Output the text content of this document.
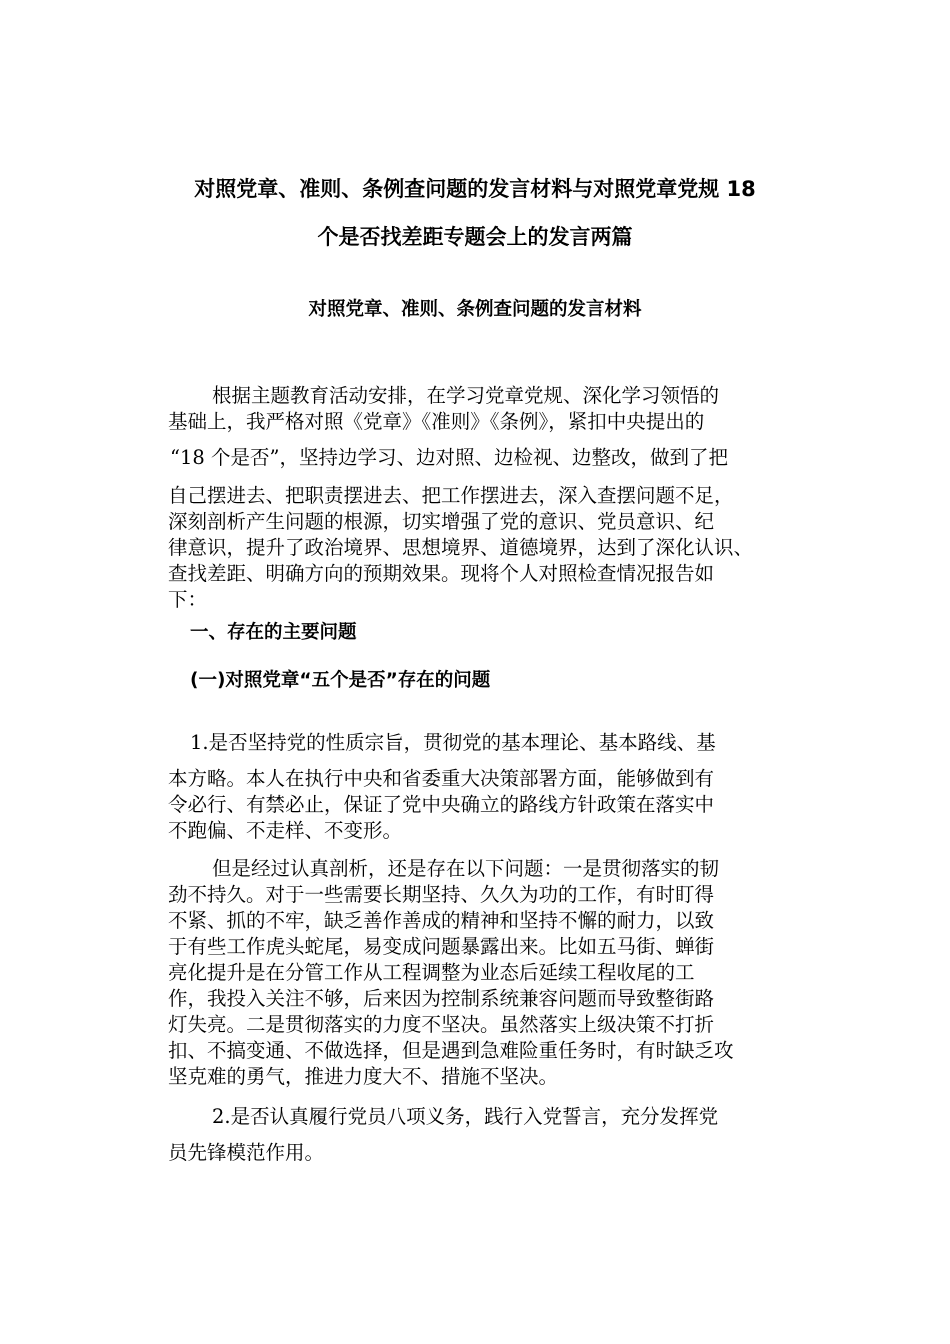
对照党章、准则、条例查问题的发言材料与对照党章党规 18
个是否找差距专题会上的发言两篇
对照党章、准则、条例查问题的发言材料
根据主题教育活动安排，在学习党章党规、深化学习领悟的
基础上，我严格对照《党章》《准则》《条例》，紧扣中央提出的
“18 个是否”，坚持边学习、边对照、边检视、边整改，做到了把
自己摆进去、把职责摆进去、把工作摆进去，深入查摆问题不足，
深刻剖析产生问题的根源，切实增强了党的意识、党员意识、纪
律意识，提升了政治境界、思想境界、道德境界，达到了深化认识、
查找差距、明确方向的预期效果。现将个人对照检查情况报告如
下：
一、存在的主要问题
(一)对照党章“五个是否”存在的问题
1.是否坚持党的性质宗旨，贯彻党的基本理论、基本路线、基
本方略。本人在执行中央和省委重大决策部署方面，能够做到有
令必行、有禁必止，保证了党中央确立的路线方针政策在落实中
不跑偏、不走样、不变形。
但是经过认真剖析，还是存在以下问题：一是贯彻落实的韧
劲不持久。对于一些需要长期坚持、久久为功的工作，有时盯得
不紧、抓的不牢，缺乏善作善成的精神和坚持不懈的耐力，以致
于有些工作虎头蛇尾，易变成问题暴露出来。比如五马街、蝉街
亮化提升是在分管工作从工程调整为业态后延续工程收尾的工
作，我投入关注不够，后来因为控制系统兼容问题而导致整街路
灯失亮。二是贯彻落实的力度不坚决。虽然落实上级决策不打折
扣、不搞变通、不做选择，但是遇到急难险重任务时，有时缺乏攻
坚克难的勇气，推进力度大不、措施不坚决。
2.是否认真履行党员八项义务，践行入党誓言，充分发挥党
员先锋模范作用。
